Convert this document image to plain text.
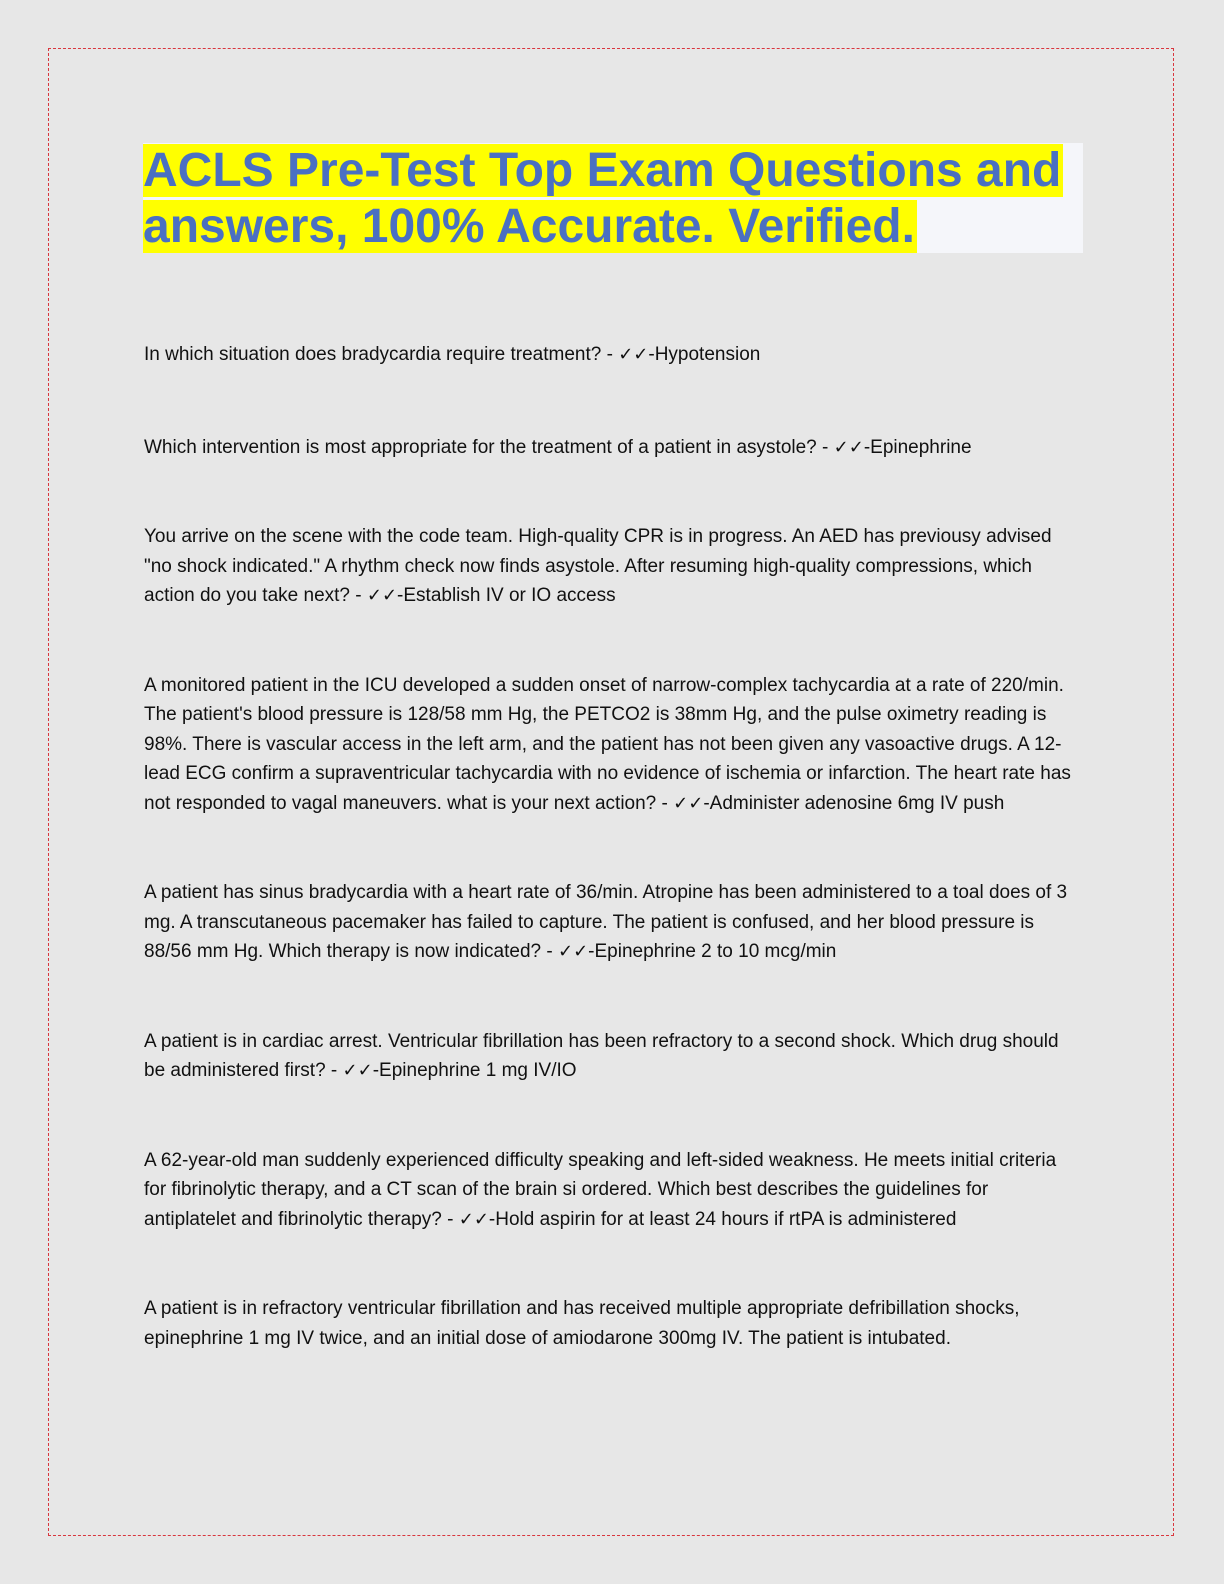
ACLS Pre-Test Top Exam Questions and answers, 100% Accurate. Verified.

In which situation does bradycardia require treatment? - ✓✓-Hypotension

Which intervention is most appropriate for the treatment of a patient in asystole? - ✓✓-Epinephrine

You arrive on the scene with the code team. High-quality CPR is in progress. An AED has previousy advised "no shock indicated." A rhythm check now finds asystole. After resuming high-quality compressions, which action do you take next? - ✓✓-Establish IV or IO access

A monitored patient in the ICU developed a sudden onset of narrow-complex tachycardia at a rate of 220/min. The patient's blood pressure is 128/58 mm Hg, the PETCO2 is 38mm Hg, and the pulse oximetry reading is 98%. There is vascular access in the left arm, and the patient has not been given any vasoactive drugs. A 12-lead ECG confirm a supraventricular tachycardia with no evidence of ischemia or infarction. The heart rate has not responded to vagal maneuvers. what is your next action? - ✓✓-Administer adenosine 6mg IV push

A patient has sinus bradycardia with a heart rate of 36/min. Atropine has been administered to a toal does of 3 mg. A transcutaneous pacemaker has failed to capture. The patient is confused, and her blood pressure is 88/56 mm Hg. Which therapy is now indicated? - ✓✓-Epinephrine 2 to 10 mcg/min

A patient is in cardiac arrest. Ventricular fibrillation has been refractory to a second shock. Which drug should be administered first? - ✓✓-Epinephrine 1 mg IV/IO

A 62-year-old man suddenly experienced difficulty speaking and left-sided weakness. He meets initial criteria for fibrinolytic therapy, and a CT scan of the brain si ordered. Which best describes the guidelines for antiplatelet and fibrinolytic therapy? - ✓✓-Hold aspirin for at least 24 hours if rtPA is administered

A patient is in refractory ventricular fibrillation and has received multiple appropriate defribillation shocks, epinephrine 1 mg IV twice, and an initial dose of amiodarone 300mg IV. The patient is intubated.
